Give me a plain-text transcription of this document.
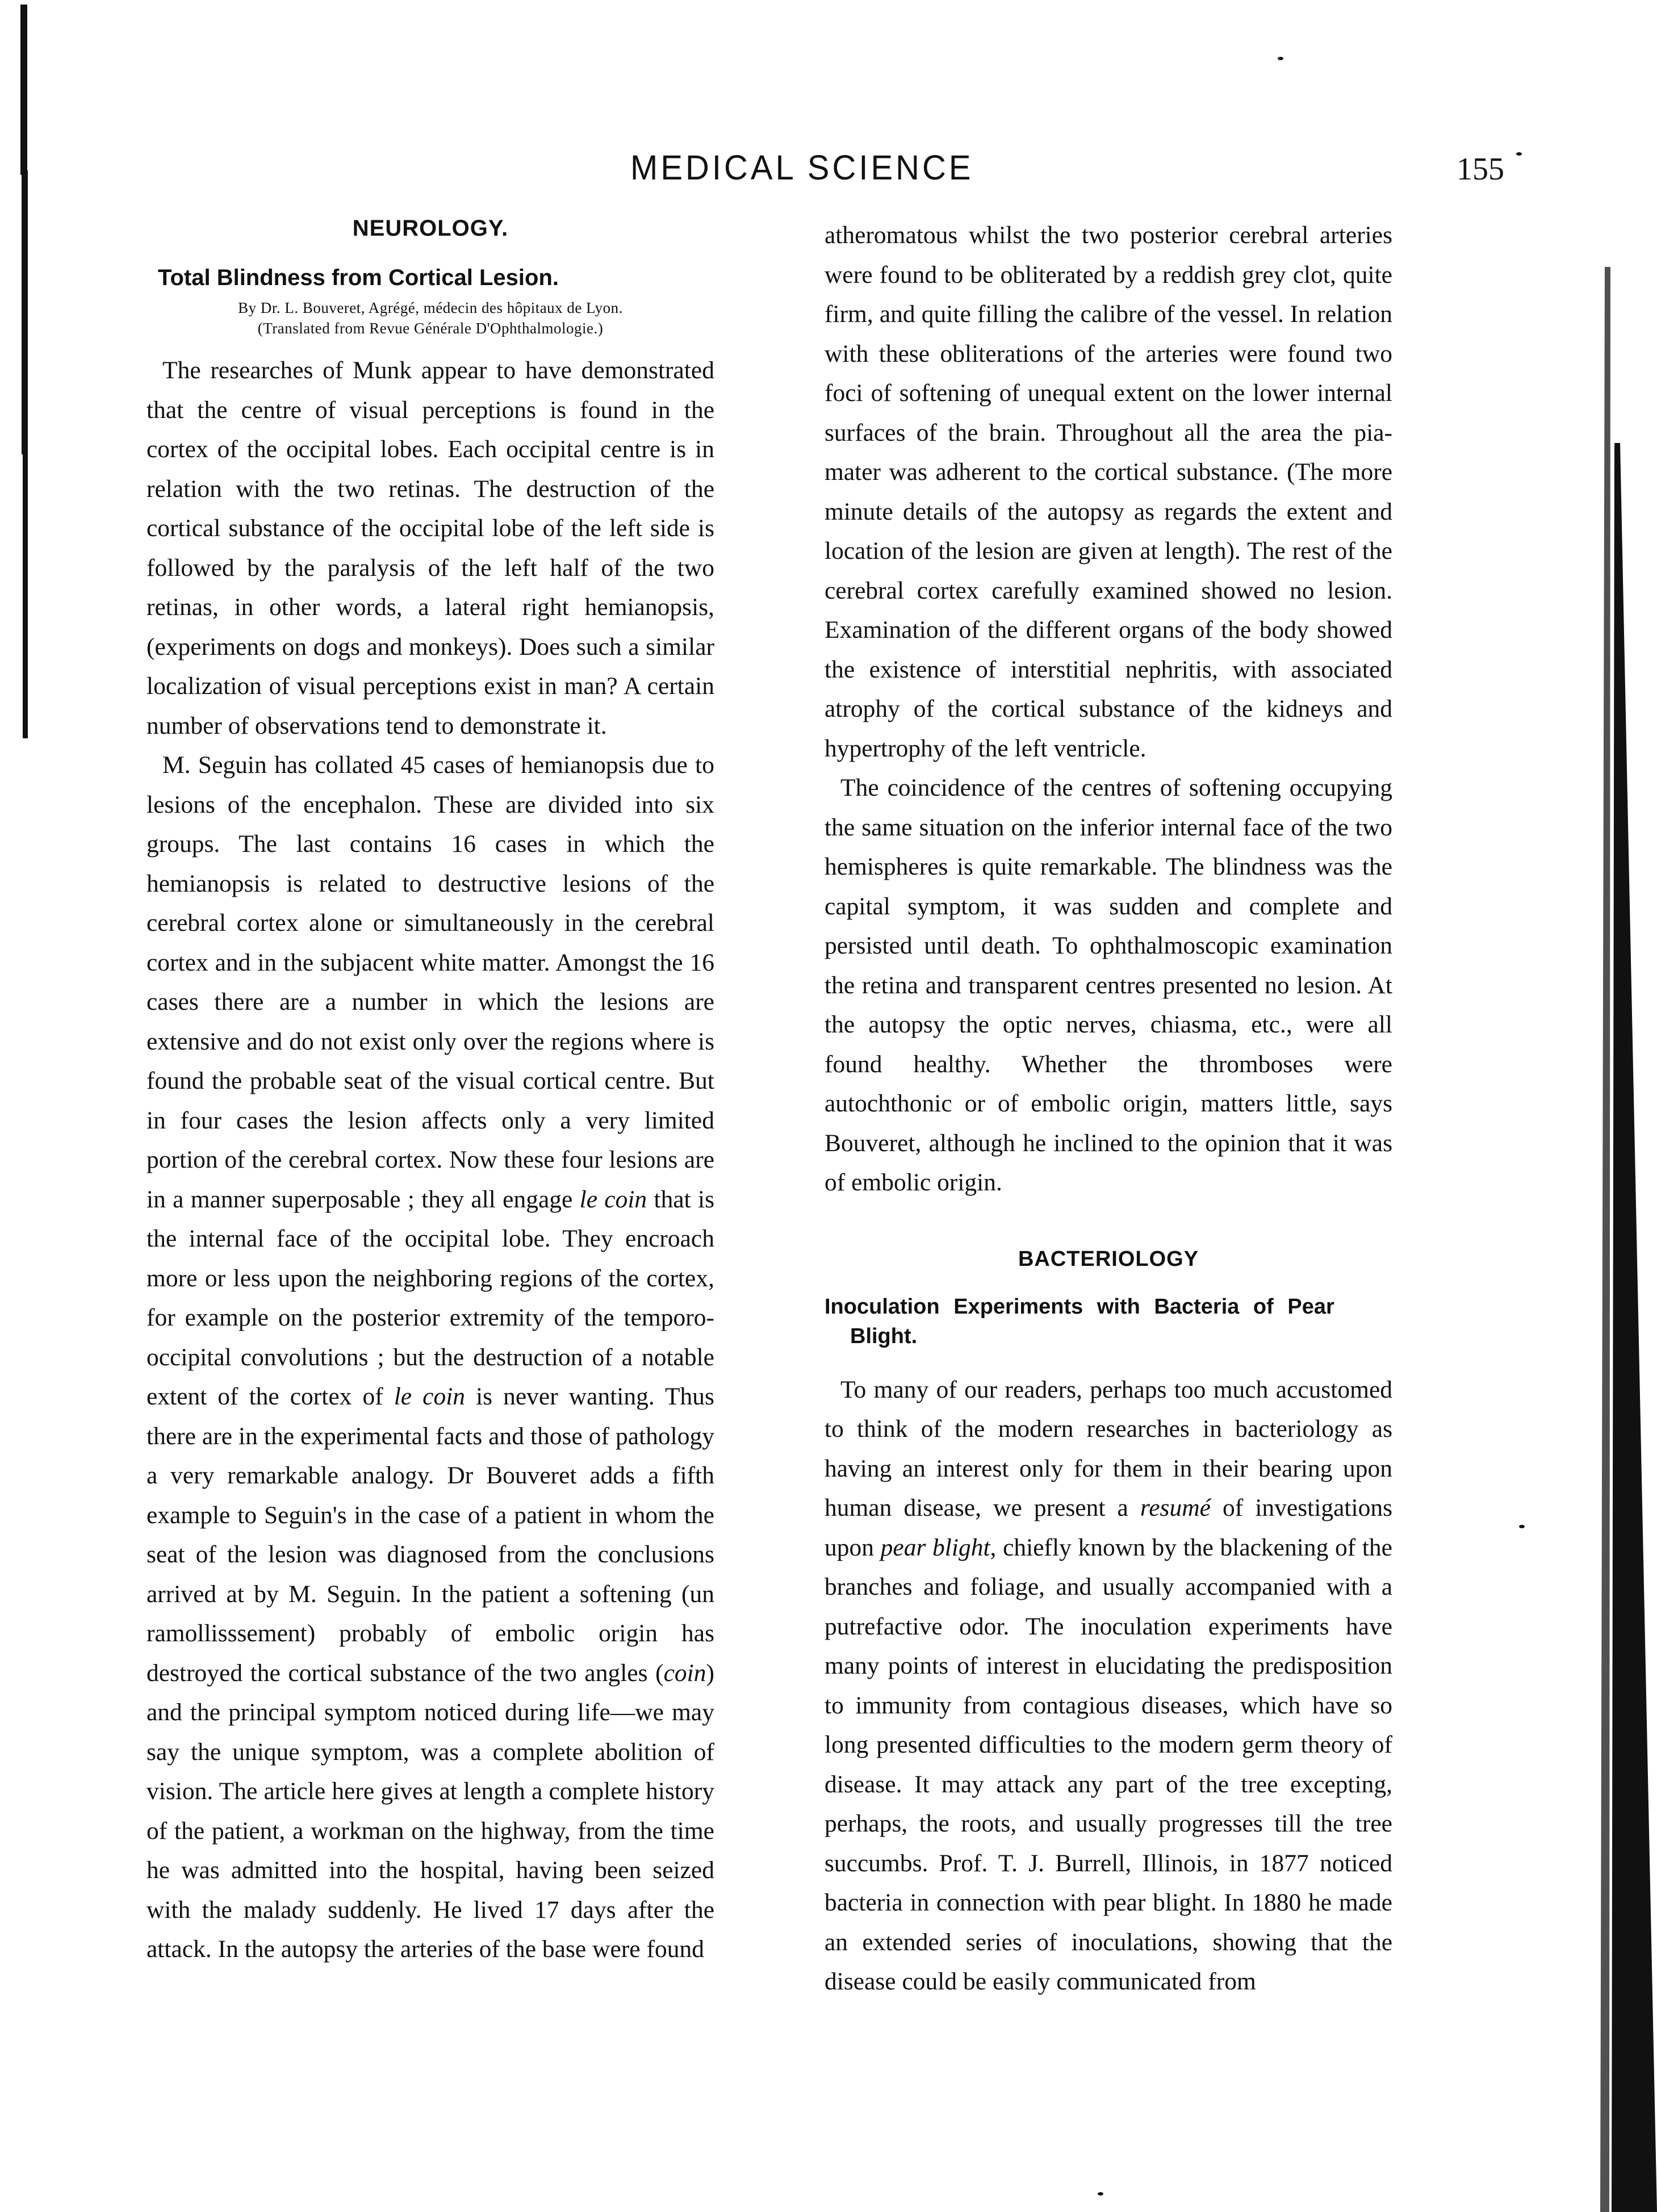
MEDICAL SCIENCE	155
NEUROLOGY.
Total Blindness from Cortical Lesion.
By Dr. L. Bouveret, Agrégé, médecin des hôpitaux de Lyon.
(Translated from Revue Générale D'Ophthalmologie.)

The researches of Munk appear to have demonstrated that the centre of visual perceptions is found in the cortex of the occipital lobes. Each occipital centre is in relation with the two retinas. The destruction of the cortical substance of the occipital lobe of the left side is followed by the paralysis of the left half of the two retinas, in other words, a lateral right hemianopsis, (experiments on dogs and monkeys). Does such a similar localization of visual perceptions exist in man? A certain number of observations tend to demonstrate it.

M. Seguin has collated 45 cases of hemianopsis due to lesions of the encephalon. These are divided into six groups. The last contains 16 cases in which the hemianopsis is related to destructive lesions of the cerebral cortex alone or simultaneously in the cerebral cortex and in the subjacent white matter. Amongst the 16 cases there are a number in which the lesions are extensive and do not exist only over the regions where is found the probable seat of the visual cortical centre. But in four cases the lesion affects only a very limited portion of the cerebral cortex. Now these four lesions are in a manner superposable ; they all engage le coin that is the internal face of the occipital lobe. They encroach more or less upon the neighboring regions of the cortex, for example on the posterior extremity of the temporo-occipital convolutions ; but the destruction of a notable extent of the cortex of le coin is never wanting. Thus there are in the experimental facts and those of pathology a very remarkable analogy. Dr Bouveret adds a fifth example to Seguin's in the case of a patient in whom the seat of the lesion was diagnosed from the conclusions arrived at by M. Seguin. In the patient a softening (un ramollisssement) probably of embolic origin has destroyed the cortical substance of the two angles (coin) and the principal symptom noticed during life—we may say the unique symptom, was a complete abolition of vision. The article here gives at length a complete history of the patient, a workman on the highway, from the time he was admitted into the hospital, having been seized with the malady suddenly. He lived 17 days after the attack. In the autopsy the arteries of the base were found

atheromatous whilst the two posterior cerebral arteries were found to be obliterated by a reddish grey clot, quite firm, and quite filling the calibre of the vessel. In relation with these obliterations of the arteries were found two foci of softening of unequal extent on the lower internal surfaces of the brain. Throughout all the area the pia-mater was adherent to the cortical substance. (The more minute details of the autopsy as regards the extent and location of the lesion are given at length). The rest of the cerebral cortex carefully examined showed no lesion. Examination of the different organs of the body showed the existence of interstitial nephritis, with associated atrophy of the cortical substance of the kidneys and hypertrophy of the left ventricle.

The coincidence of the centres of softening occupying the same situation on the inferior internal face of the two hemispheres is quite remarkable. The blindness was the capital symptom, it was sudden and complete and persisted until death. To ophthalmoscopic examination the retina and transparent centres presented no lesion. At the autopsy the optic nerves, chiasma, etc., were all found healthy. Whether the thromboses were autochthonic or of embolic origin, matters little, says Bouveret, although he inclined to the opinion that it was of embolic origin.

BACTERIOLOGY
Inoculation Experiments with Bacteria of Pear
Blight.

To many of our readers, perhaps too much accustomed to think of the modern researches in bacteriology as having an interest only for them in their bearing upon human disease, we present a resumé of investigations upon pear blight, chiefly known by the blackening of the branches and foliage, and usually accompanied with a putrefactive odor. The inoculation experiments have many points of interest in elucidating the predisposition to immunity from contagious diseases, which have so long presented difficulties to the modern germ theory of disease. It may attack any part of the tree excepting, perhaps, the roots, and usually progresses till the tree succumbs. Prof. T. J. Burrell, Illinois, in 1877 noticed bacteria in connection with pear blight. In 1880 he made an extended series of inoculations, showing that the disease could be easily communicated from
